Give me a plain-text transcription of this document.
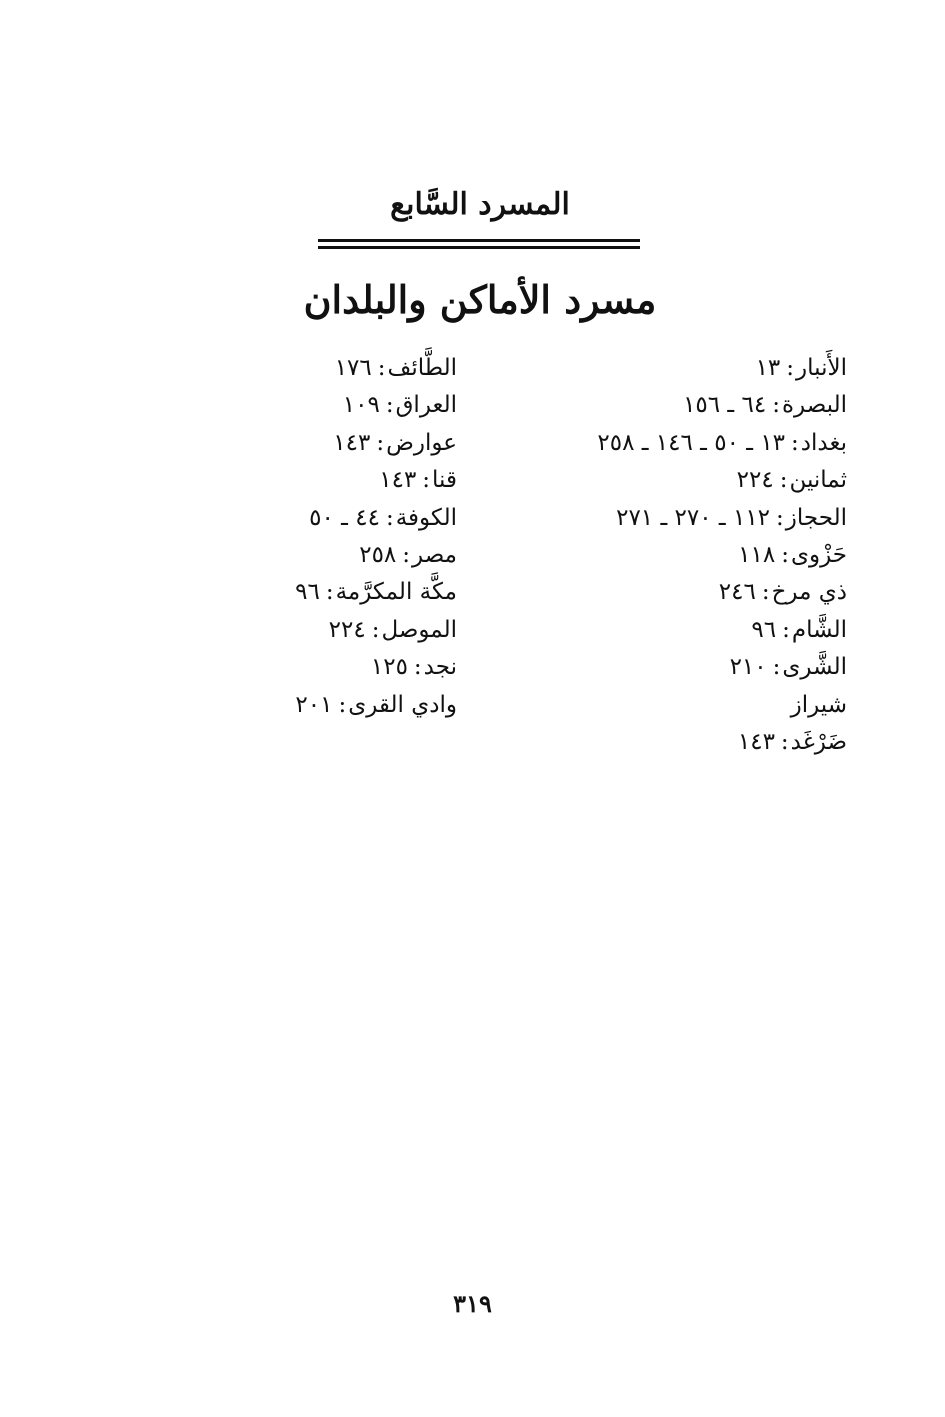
المسرد السَّابع
مسرد الأماكن والبلدان
الأَنبار:١٣
البصرة:٦٤ ـ ١٥٦
بغداد:١٣ ـ ٥٠ ـ ١٤٦ ـ ٢٥٨
ثمانين:٢٢٤
الحجاز:١١٢ ـ ٢٧٠ ـ ٢٧١
حَزْوى:١١٨
ذي مرخ:٢٤٦
الشَّام:٩٦
الشَّرى:٢١٠
شيراز
ضَرْغَد:١٤٣
الطَّائف:١٧٦
العراق:١٠٩
عوارض:١٤٣
قنا:١٤٣
الكوفة:٤٤ ـ ٥٠
مصر:٢٥٨
مكَّة المكرَّمة:٩٦
الموصل:٢٢٤
نجد:١٢٥
وادي القرى:٢٠١
٣١٩
